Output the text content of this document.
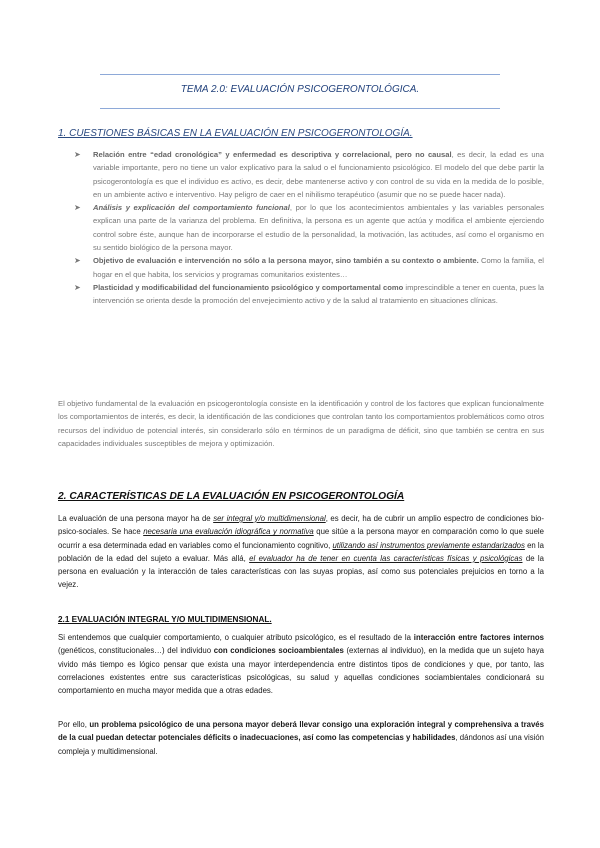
TEMA 2.0: EVALUACIÓN PSICOGERONTOLÓGICA.
1. CUESTIONES BÁSICAS EN LA EVALUACIÓN EN PSICOGERONTOLOGÍA.

➤ Relación entre “edad cronológica” y enfermedad es descriptiva y correlacional, pero no causal, es decir, la edad es una variable importante, pero no tiene un valor explicativo para la salud o el funcionamiento psicológico. El modelo del que debe partir la psicogerontología es que el individuo es activo, es decir, debe mantenerse activo y con control de su vida en la medida de lo posible, en un ambiente activo e interventivo. Hay peligro de caer en el nihilismo terapéutico (asumir que no se puede hacer nada).

➤ Análisis y explicación del comportamiento funcional, por lo que los acontecimientos ambientales y las variables personales explican una parte de la varianza del problema. En definitiva, la persona es un agente que actúa y modifica el ambiente ejerciendo control sobre éste, aunque han de incorporarse el estudio de la personalidad, la motivación, las actitudes, así como el organismo en su sentido biológico de la persona mayor.

➤ Objetivo de evaluación e intervención no sólo a la persona mayor, sino también a su contexto o ambiente. Como la familia, el hogar en el que habita, los servicios y programas comunitarios existentes…

➤ Plasticidad y modificabilidad del funcionamiento psicológico y comportamental como imprescindible a tener en cuenta, pues la intervención se orienta desde la promoción del envejecimiento activo y de la salud al tratamiento en situaciones clínicas.

El objetivo fundamental de la evaluación en psicogerontología consiste en la identificación y control de los factores que explican funcionalmente los comportamientos de interés, es decir, la identificación de las condiciones que controlan tanto los comportamientos problemáticos como otros recursos del individuo de potencial interés, sin considerarlo sólo en términos de un paradigma de déficit, sino que también se centra en sus capacidades individuales susceptibles de mejora y optimización.

2. CARACTERÍSTICAS DE LA EVALUACIÓN EN PSICOGERONTOLOGÍA

La evaluación de una persona mayor ha de ser integral y/o multidimensional, es decir, ha de cubrir un amplio espectro de condiciones bio-psico-sociales. Se hace necesaria una evaluación idiográfica y normativa que sitúe a la persona mayor en comparación como lo que suele ocurrir a esa determinada edad en variables como el funcionamiento cognitivo, utilizando así instrumentos previamente estandarizados en la población de la edad del sujeto a evaluar. Más allá, el evaluador ha de tener en cuenta las características físicas y psicológicas de la persona en evaluación y la interacción de tales características con las suyas propias, así como sus potenciales prejuicios en torno a la vejez.

2.1 EVALUACIÓN INTEGRAL Y/O MULTIDIMENSIONAL.

Si entendemos que cualquier comportamiento, o cualquier atributo psicológico, es el resultado de la interacción entre factores internos (genéticos, constitucionales…) del individuo con condiciones socioambientales (externas al individuo), en la medida que un sujeto haya vivido más tiempo es lógico pensar que exista una mayor interdependencia entre distintos tipos de condiciones y que, por tanto, las correlaciones existentes entre sus características psicológicas, su salud y aquellas condiciones sociambientales condicionará su comportamiento en mucha mayor medida que a otras edades.

Por ello, un problema psicológico de una persona mayor deberá llevar consigo una exploración integral y comprehensiva a través de la cual puedan detectar potenciales déficits o inadecuaciones, así como las competencias y habilidades, dándonos así una visión compleja y multidimensional.
